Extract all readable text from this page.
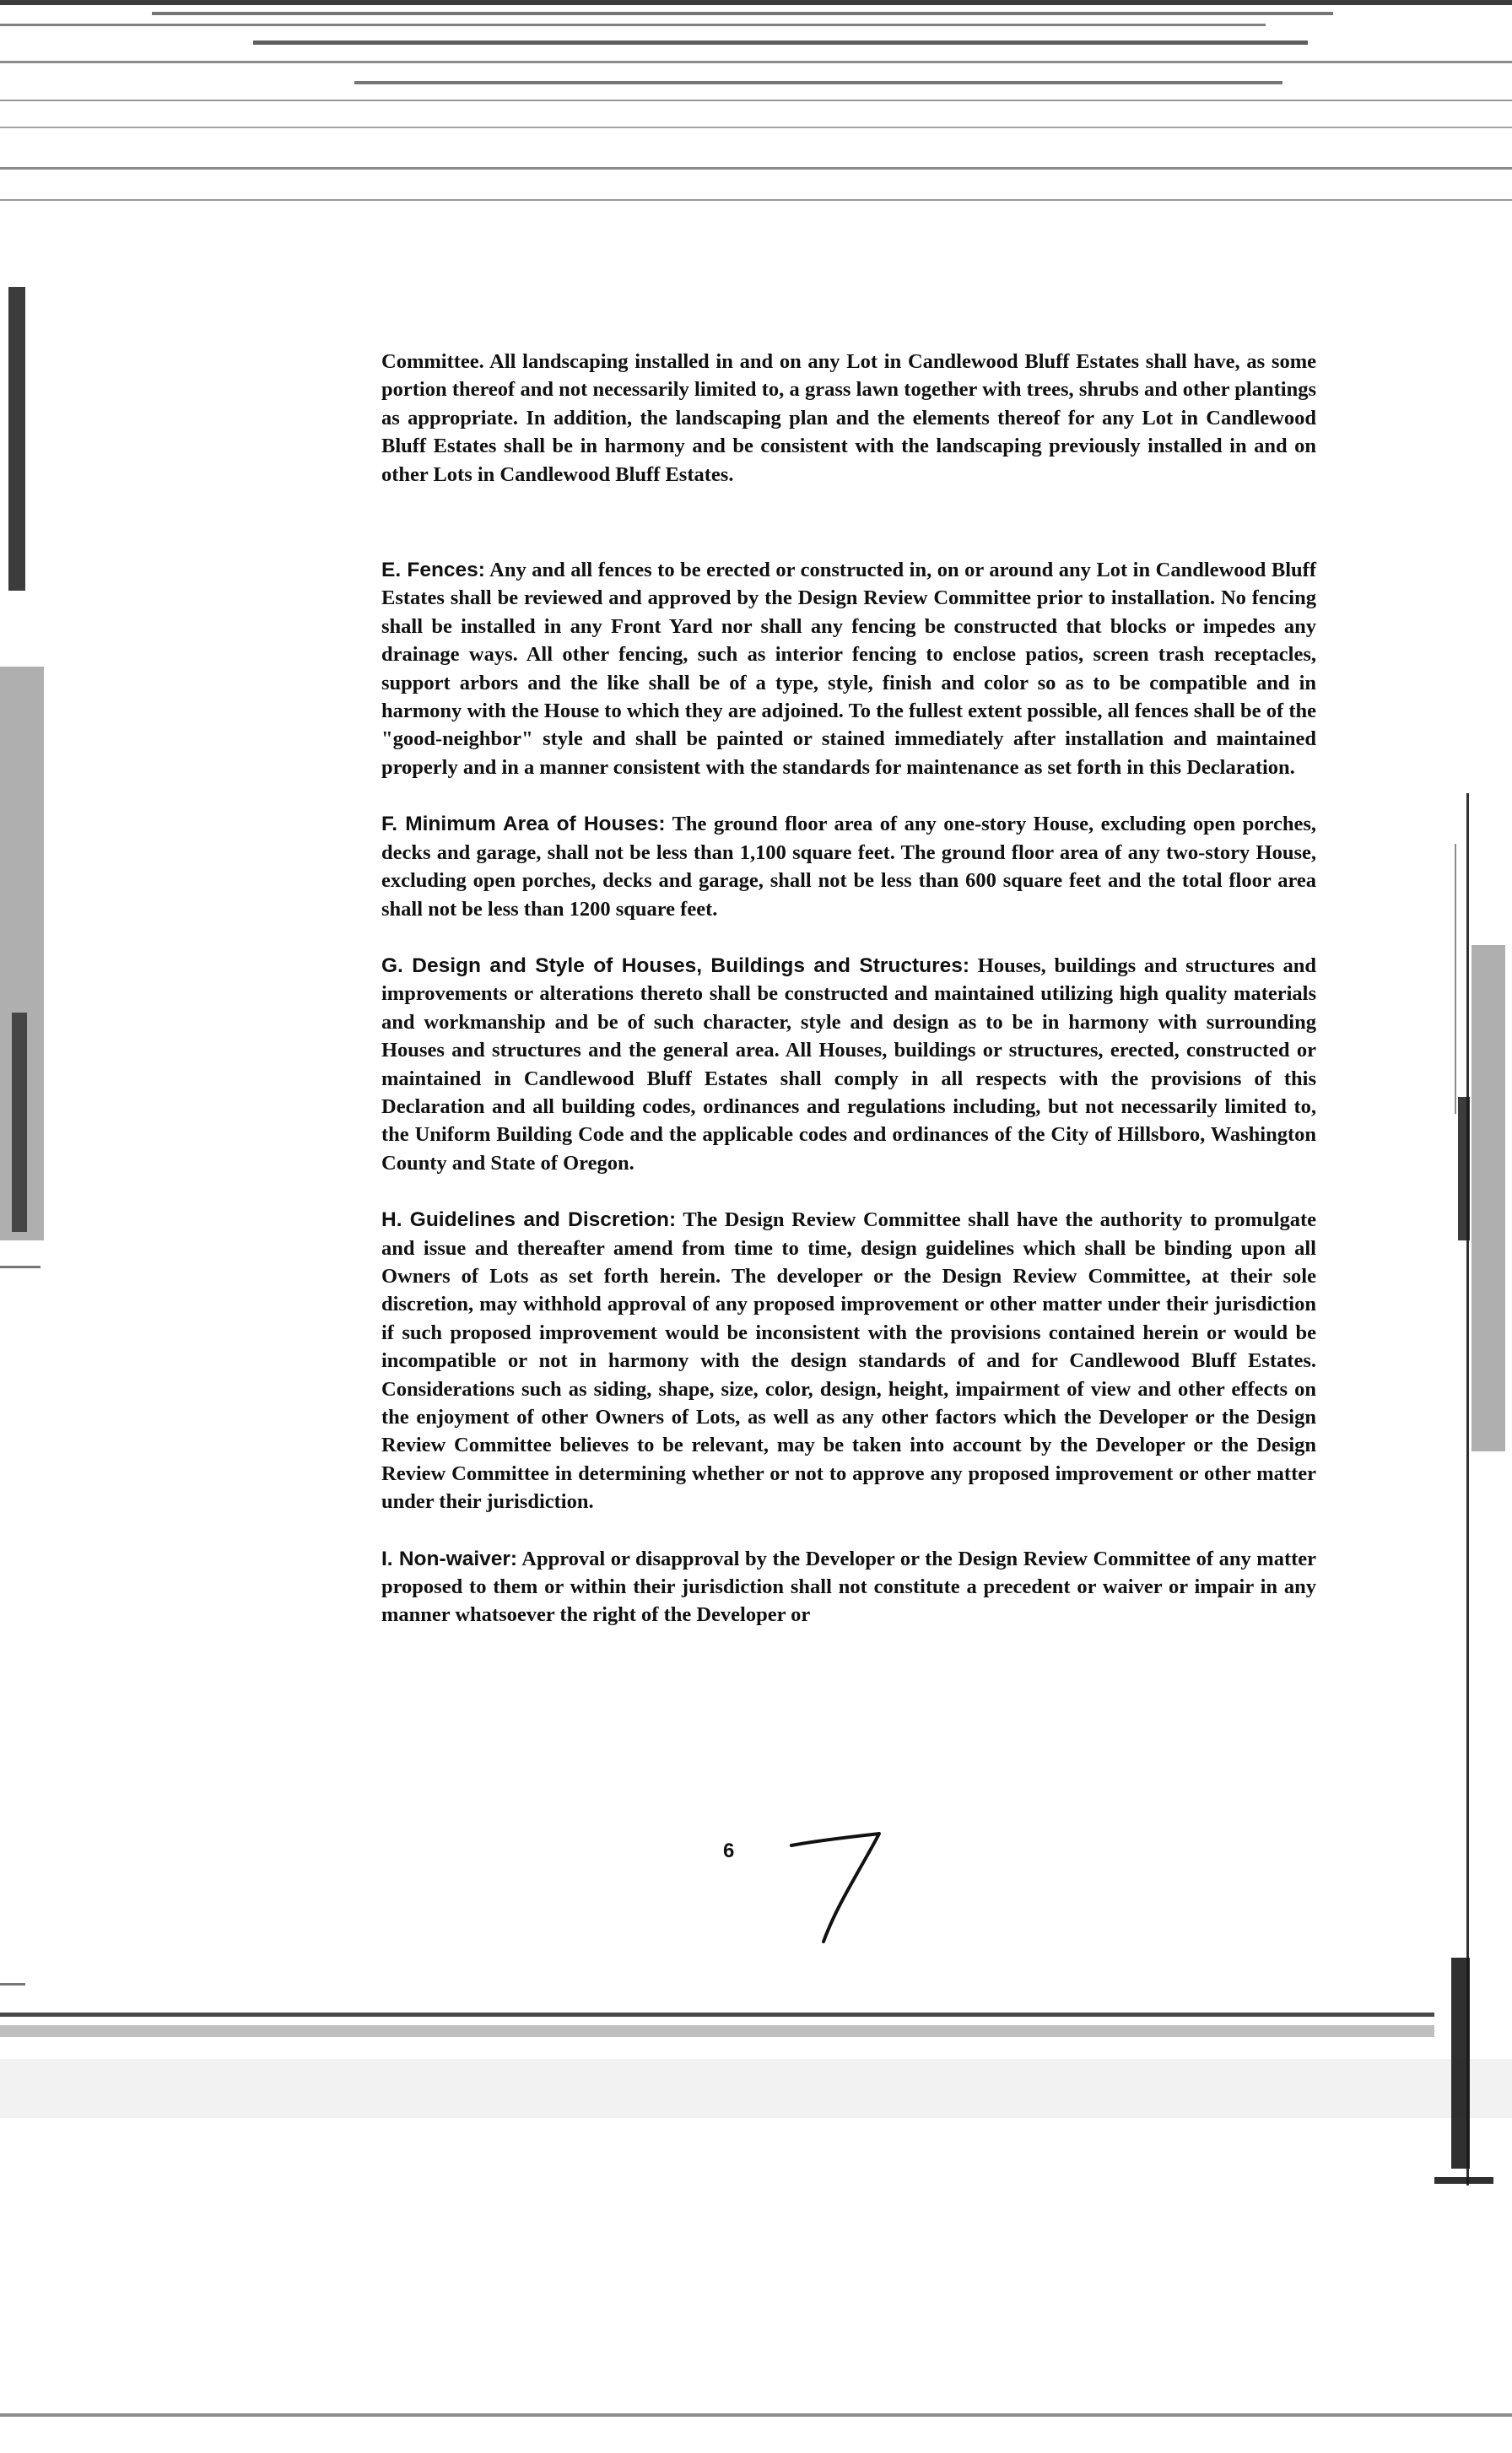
Committee. All landscaping installed in and on any Lot in Candlewood Bluff Estates shall have, as some portion thereof and not necessarily limited to, a grass lawn together with trees, shrubs and other plantings as appropriate. In addition, the landscaping plan and the elements thereof for any Lot in Candlewood Bluff Estates shall be in harmony and be consistent with the landscaping previously installed in and on other Lots in Candlewood Bluff Estates.

E. Fences: Any and all fences to be erected or constructed in, on or around any Lot in Candlewood Bluff Estates shall be reviewed and approved by the Design Review Committee prior to installation. No fencing shall be installed in any Front Yard nor shall any fencing be constructed that blocks or impedes any drainage ways. All other fencing, such as interior fencing to enclose patios, screen trash receptacles, support arbors and the like shall be of a type, style, finish and color so as to be compatible and in harmony with the House to which they are adjoined. To the fullest extent possible, all fences shall be of the "good-neighbor" style and shall be painted or stained immediately after installation and maintained properly and in a manner consistent with the standards for maintenance as set forth in this Declaration.

F. Minimum Area of Houses: The ground floor area of any one-story House, excluding open porches, decks and garage, shall not be less than 1,100 square feet. The ground floor area of any two-story House, excluding open porches, decks and garage, shall not be less than 600 square feet and the total floor area shall not be less than 1200 square feet.

G. Design and Style of Houses, Buildings and Structures: Houses, buildings and structures and improvements or alterations thereto shall be constructed and maintained utilizing high quality materials and workmanship and be of such character, style and design as to be in harmony with surrounding Houses and structures and the general area. All Houses, buildings or structures, erected, constructed or maintained in Candlewood Bluff Estates shall comply in all respects with the provisions of this Declaration and all building codes, ordinances and regulations including, but not necessarily limited to, the Uniform Building Code and the applicable codes and ordinances of the City of Hillsboro, Washington County and State of Oregon.

H. Guidelines and Discretion: The Design Review Committee shall have the authority to promulgate and issue and thereafter amend from time to time, design guidelines which shall be binding upon all Owners of Lots as set forth herein. The developer or the Design Review Committee, at their sole discretion, may withhold approval of any proposed improvement or other matter under their jurisdiction if such proposed improvement would be inconsistent with the provisions contained herein or would be incompatible or not in harmony with the design standards of and for Candlewood Bluff Estates. Considerations such as siding, shape, size, color, design, height, impairment of view and other effects on the enjoyment of other Owners of Lots, as well as any other factors which the Developer or the Design Review Committee believes to be relevant, may be taken into account by the Developer or the Design Review Committee in determining whether or not to approve any proposed improvement or other matter under their jurisdiction.

I. Non-waiver: Approval or disapproval by the Developer or the Design Review Committee of any matter proposed to them or within their jurisdiction shall not constitute a precedent or waiver or impair in any manner whatsoever the right of the Developer or

6
